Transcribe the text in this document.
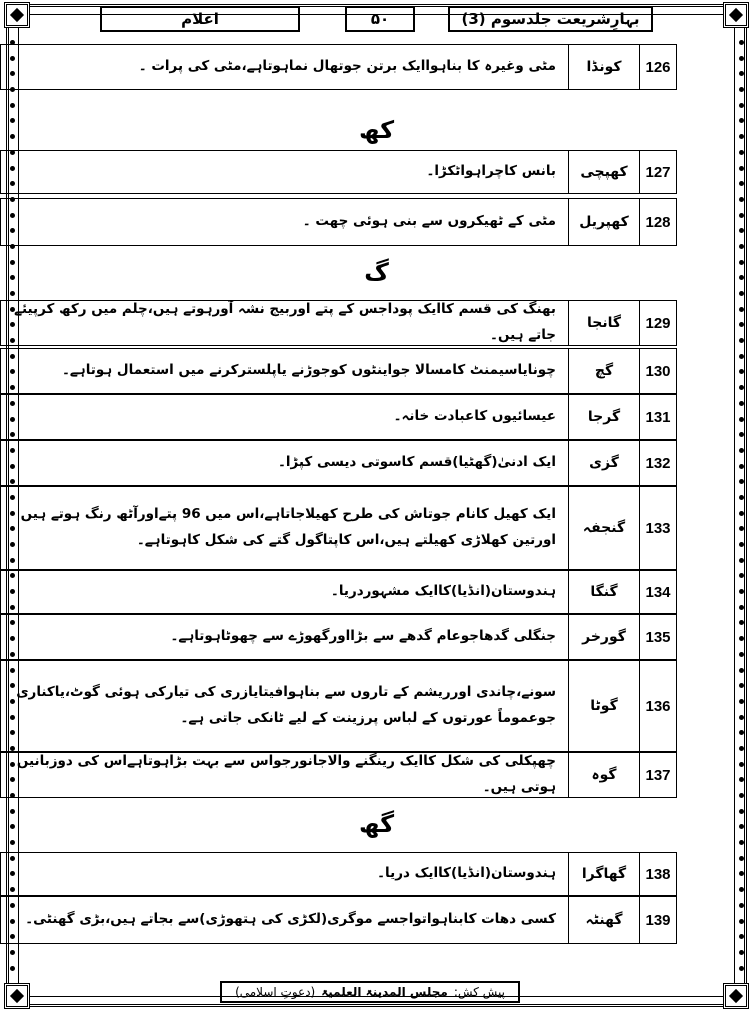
بہارِشریعت جلدسوم (3)
۵۰
اعلام
126
کونڈا
مٹی وغیرہ کا بناہواایک برتن جوتھال نماہوتاہے،مٹی کی پرات ۔
کھ
127
کھپچی
بانس کاچراہواٹکڑا۔
128
کھپریل
مٹی کے ٹھیکروں سے بنی ہوئی چھت ۔
گ
129
گانجا
بھنگ کی قسم کاایک پوداجس کے پتے اوربیج نشہ آورہوتے ہیں،چلم میں رکھ کرپیئے جاتے ہیں۔
130
گچ
چونایاسیمنٹ کامسالا جواینٹوں کوجوڑنے یاپلسترکرنے میں استعمال ہوتاہے۔
131
گرجا
عیسائیوں کاعبادت خانہ۔
132
گزی
ایک ادنیٰ(گھٹیا)قسم کاسوتی دیسی کپڑا۔
133
گنجفہ
ایک کھیل کانام جوتاش کی طرح کھیلاجاتاہے،اس میں 96 پتےاورآٹھ رنگ ہوتے ہیں اورتین کھلاڑی کھیلتے ہیں،اس کاپتاگول گتے کی شکل کاہوتاہے۔
134
گنگا
ہندوستان(انڈیا)کاایک مشہوردریا۔
135
گورخر
جنگلی گدھاجوعام گدھے سے بڑااورگھوڑے سے چھوٹاہوتاہے۔
136
گوٹا
سونے،چاندی اورریشم کے تاروں سے بناہوافیتایازری کی تیارکی ہوئی گوٹ،یاکناری جوعموماً عورتوں کے لباس پرزینت کے لیے ٹانکی جاتی ہے۔
137
گوہ
چھپکلی کی شکل کاایک رینگنے والاجانورجواس سے بہت بڑاہوتاہےاس کی دوزبانیں ہوتی ہیں۔
گھ
138
گھاگرا
ہندوستان(انڈیا)کاایک دریا۔
139
گھنٹہ
کسی دھات کابناہواتواجسے موگری(لکڑی کی ہتھوڑی)سے بجاتے ہیں،بڑی گھنٹی۔
پیش کش:
مجلس المدینۃ العلمیۃ
(دعوتِ اسلامی)
